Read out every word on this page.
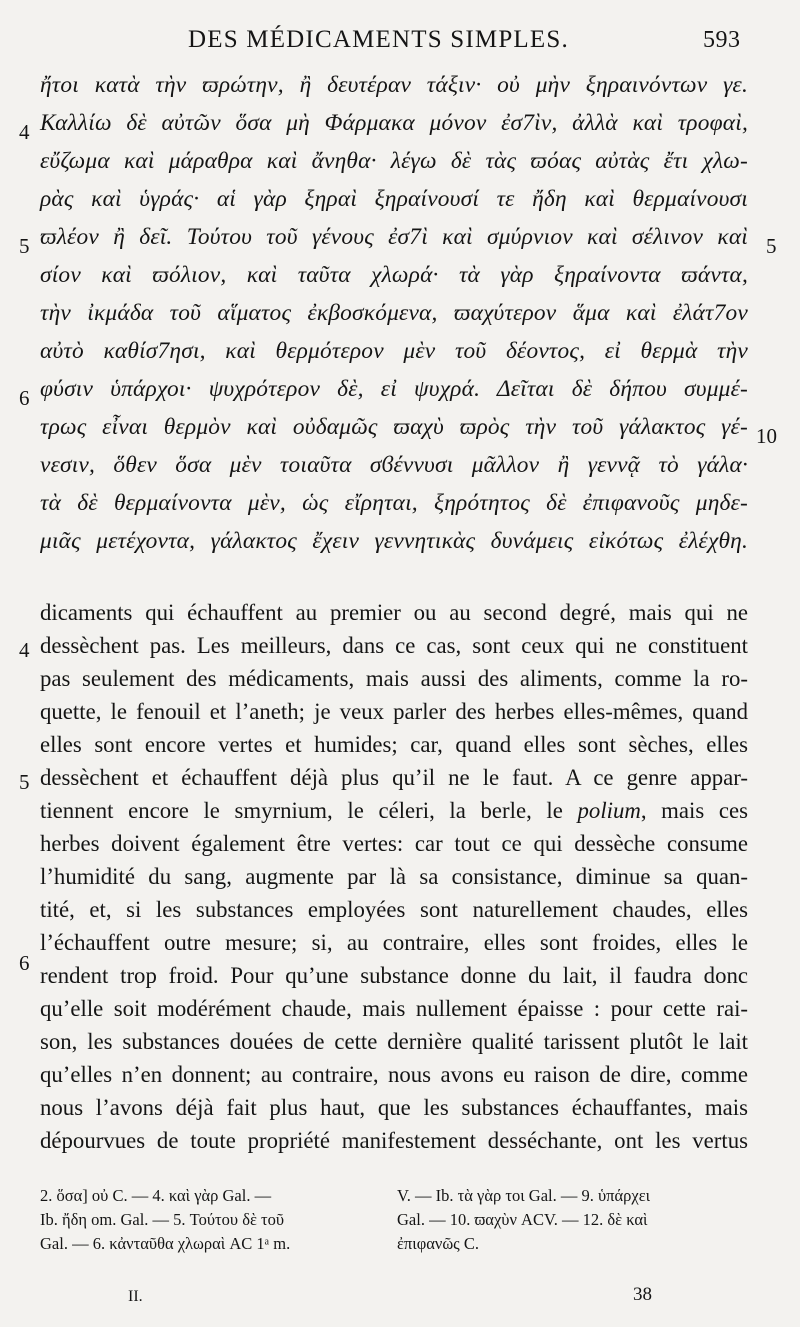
DES MÉDICAMENTS SIMPLES.	593
ἤτοι κατὰ τὴν ϖρώτην, ἢ δευτέραν τάξιν· οὐ μὴν ξηραινόντων γε.
Καλλίω δὲ αὐτῶν ὅσα μὴ Φάρμακα μόνον ἐσ7ὶν, ἀλλὰ καὶ τροφαὶ,
εὔζωμα καὶ μάραθρα καὶ ἄνηθα· λέγω δὲ τὰς ϖόας αὐτὰς ἔτι χλω-
ρὰς καὶ ὑγράς· αἱ γὰρ ξηραὶ ξηραίνουσί τε ἤδη καὶ θερμαίνουσι
ϖλέον ἢ δεῖ. Τούτου τοῦ γένους ἐσ7ὶ καὶ σμύρνιον καὶ σέλινον καὶ
σίον καὶ ϖόλιον, καὶ ταῦτα χλωρά· τὰ γὰρ ξηραίνοντα ϖάντα,
τὴν ἰκμάδα τοῦ αἵματος ἐκβοσκόμενα, ϖαχύτερον ἅμα καὶ ἐλάτ7ον
αὐτὸ καθίσ7ησι, καὶ θερμότερον μὲν τοῦ δέοντος, εἰ θερμὰ τὴν
φύσιν ὑπάρχοι· ψυχρότερον δὲ, εἰ ψυχρά. Δεῖται δὲ δήπου συμμέ-
τρως εἶναι θερμὸν καὶ οὐδαμῶς ϖαχὺ ϖρὸς τὴν τοῦ γάλακτος γέ-
νεσιν, ὅθεν ὅσα μὲν τοιαῦτα σϐέννυσι μᾶλλον ἢ γεννᾷ τὸ γάλα·
τὰ δὲ θερμαίνοντα μὲν, ὡς εἴρηται, ξηρότητος δὲ ἐπιφανοῦς μηδε-
μιᾶς μετέχοντα, γάλακτος ἔχειν γεννητικὰς δυνάμεις εἰκότως ἐλέχθη.
4
5
6
5
10
dicaments qui échauffent au premier ou au second degré, mais qui ne
dessèchent pas. Les meilleurs, dans ce cas, sont ceux qui ne constituent
pas seulement des médicaments, mais aussi des aliments, comme la ro-
quette, le fenouil et l’aneth; je veux parler des herbes elles-mêmes, quand
elles sont encore vertes et humides; car, quand elles sont sèches, elles
dessèchent et échauffent déjà plus qu’il ne le faut. A ce genre appar-
tiennent encore le smyrnium, le céleri, la berle, le polium, mais ces
herbes doivent également être vertes: car tout ce qui dessèche consume
l’humidité du sang, augmente par là sa consistance, diminue sa quan-
tité, et, si les substances employées sont naturellement chaudes, elles
l’échauffent outre mesure; si, au contraire, elles sont froides, elles le
rendent trop froid. Pour qu’une substance donne du lait, il faudra donc
qu’elle soit modérément chaude, mais nullement épaisse : pour cette rai-
son, les substances douées de cette dernière qualité tarissent plutôt le lait
qu’elles n’en donnent; au contraire, nous avons eu raison de dire, comme
nous l’avons déjà fait plus haut, que les substances échauffantes, mais
dépourvues de toute propriété manifestement desséchante, ont les vertus
4
5
6
2. ὅσα] οὐ C. — 4. καὶ γὰρ Gal. —
Ib. ἤδη om. Gal. — 5. Τούτου δὲ τοῦ
Gal. — 6. κἀνταῦθα χλωραὶ AC 1ᵃ m.
V. — Ib. τὰ γὰρ τοι Gal. — 9. ὑπάρχει
Gal. — 10. ϖαχὺν ACV. — 12. δὲ καὶ
ἐπιφανῶς C.
II.	38
